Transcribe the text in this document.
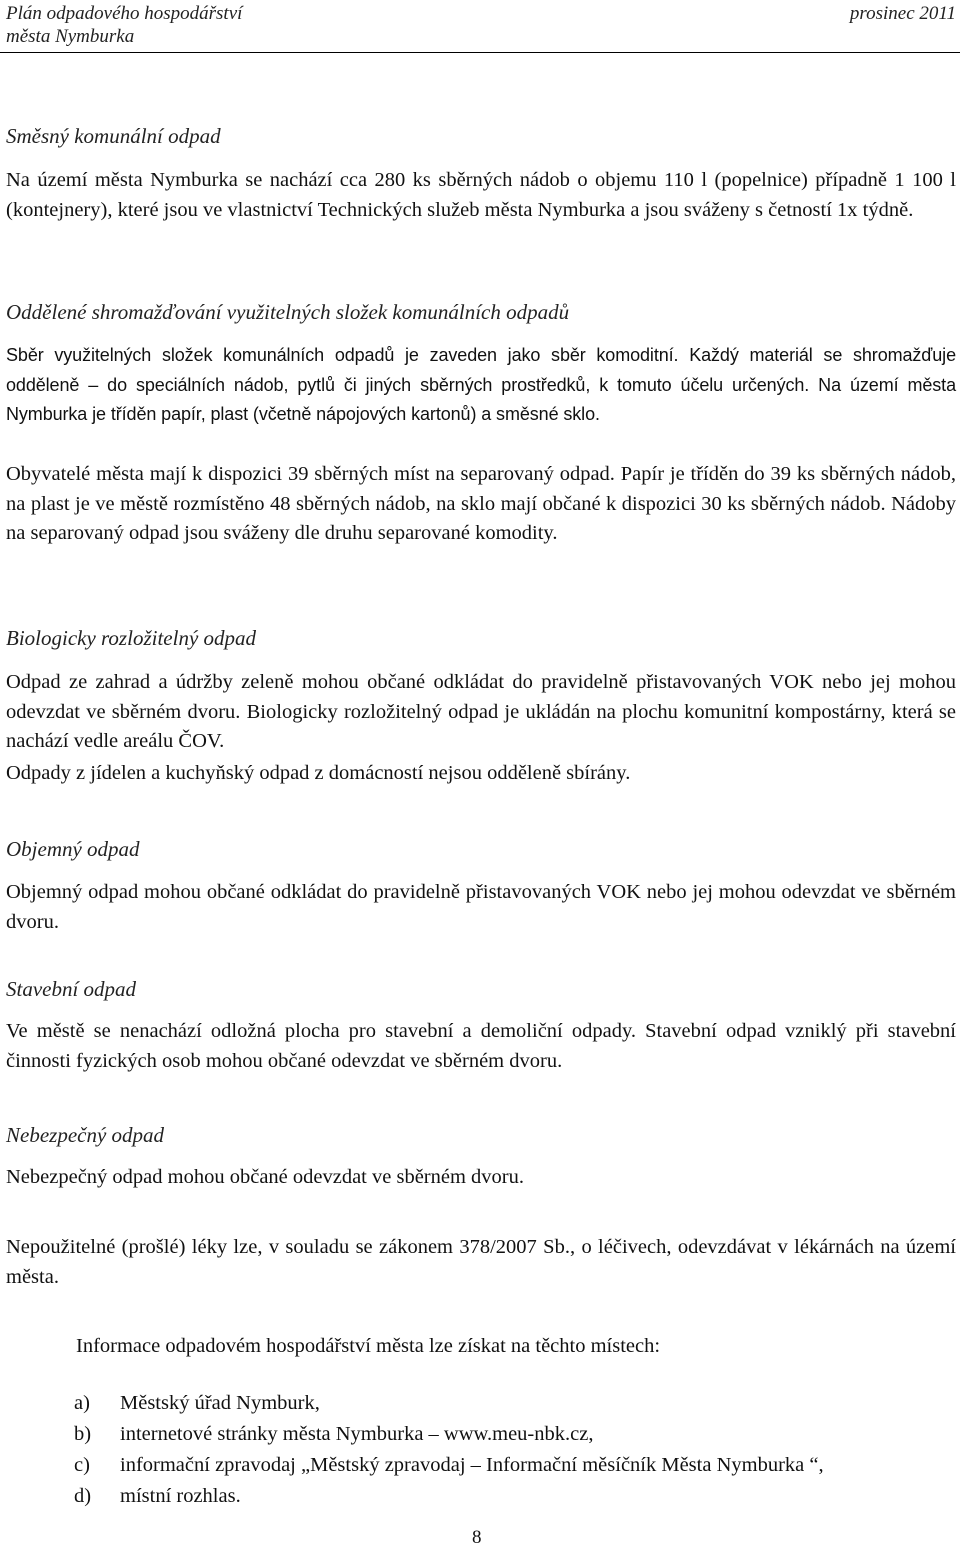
Plán odpadového hospodářství
města Nymburka
prosinec 2011
Směsný komunální odpad

Na území města Nymburka se nachází cca 280 ks sběrných nádob o objemu 110 l (popelnice) případně 1 100 l (kontejnery), které jsou ve vlastnictví Technických služeb města Nymburka a jsou sváženy s četností 1x týdně.

Oddělené shromažďování využitelných složek komunálních odpadů

Sběr využitelných složek komunálních odpadů je zaveden jako sběr komoditní. Každý materiál se shromažďuje odděleně – do speciálních nádob, pytlů či jiných sběrných prostředků, k tomuto účelu určených. Na území města Nymburka je tříděn papír, plast (včetně nápojových kartonů) a směsné sklo.

Obyvatelé města mají k dispozici 39 sběrných míst na separovaný odpad. Papír je tříděn do 39 ks sběrných nádob, na plast je ve městě rozmístěno 48 sběrných nádob, na sklo mají občané k dispozici 30 ks sběrných nádob. Nádoby na separovaný odpad jsou sváženy dle druhu separované komodity.

Biologicky rozložitelný odpad

Odpad ze zahrad a údržby zeleně mohou občané odkládat do pravidelně přistavovaných VOK nebo jej mohou odevzdat ve sběrném dvoru. Biologicky rozložitelný odpad je ukládán na plochu komunitní kompostárny, která se nachází vedle areálu ČOV.

Odpady z jídelen a kuchyňský odpad z domácností nejsou odděleně sbírány.

Objemný odpad

Objemný odpad mohou občané odkládat do pravidelně přistavovaných VOK nebo jej mohou odevzdat ve sběrném dvoru.

Stavební odpad

Ve městě se nenachází odložná plocha pro stavební a demoliční odpady. Stavební odpad vzniklý při stavební činnosti fyzických osob mohou občané odevzdat ve sběrném dvoru.

Nebezpečný odpad

Nebezpečný odpad mohou občané odevzdat ve sběrném dvoru.

Nepoužitelné (prošlé) léky lze, v souladu se zákonem 378/2007 Sb., o léčivech, odevzdávat v lékárnách na území města.

Informace odpadovém hospodářství města lze získat na těchto místech:
a) Městský úřad Nymburk,
b) internetové stránky města Nymburka – www.meu-nbk.cz,
c) informační zpravodaj „Městský zpravodaj – Informační měsíčník Města Nymburka “,
d) místní rozhlas.
8
